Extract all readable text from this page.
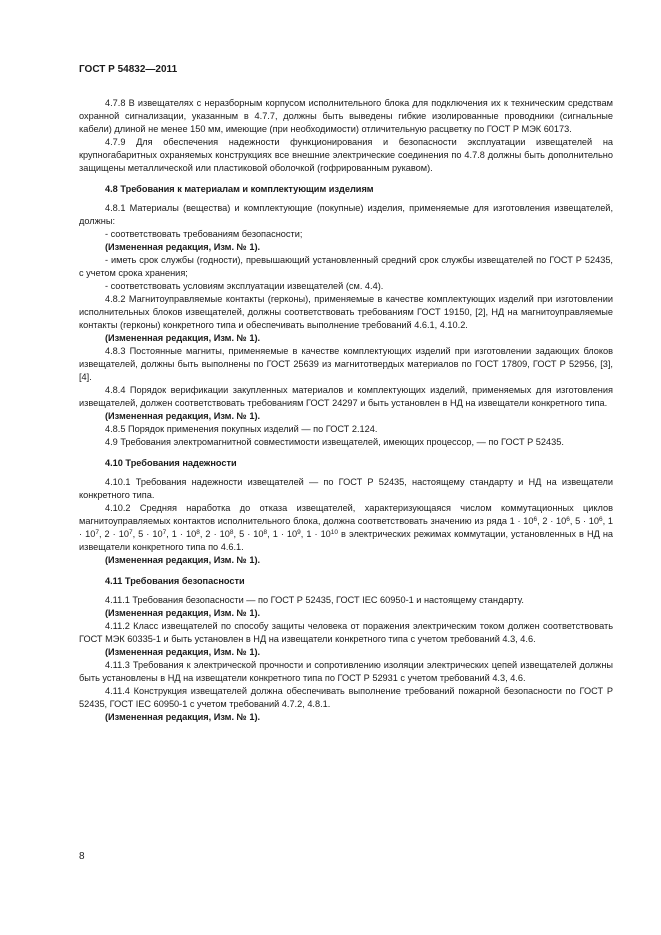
ГОСТ Р 54832—2011

4.7.8 В извещателях с неразборным корпусом исполнительного блока для подключения их к техническим средствам охранной сигнализации, указанным в 4.7.7, должны быть выведены гибкие изолированные проводники (сигнальные кабели) длиной не менее 150 мм, имеющие (при необходимости) отличительную расцветку по ГОСТ Р МЭК 60173.

4.7.9 Для обеспечения надежности функционирования и безопасности эксплуатации извещателей на крупногабаритных охраняемых конструкциях все внешние электрические соединения по 4.7.8 должны быть дополнительно защищены металлической или пластиковой оболочкой (гофрированным рукавом).

4.8 Требования к материалам и комплектующим изделиям

4.8.1 Материалы (вещества) и комплектующие (покупные) изделия, применяемые для изготовления извещателей, должны:

- соответствовать требованиям безопасности;

(Измененная редакция, Изм. № 1).

- иметь срок службы (годности), превышающий установленный средний срок службы извещателей по ГОСТ Р 52435, с учетом срока хранения;

- соответствовать условиям эксплуатации извещателей (см. 4.4).

4.8.2 Магнитоуправляемые контакты (герконы), применяемые в качестве комплектующих изделий при изготовлении исполнительных блоков извещателей, должны соответствовать требованиям ГОСТ 19150, [2], НД на магнитоуправляемые контакты (герконы) конкретного типа и обеспечивать выполнение требований 4.6.1, 4.10.2.

(Измененная редакция, Изм. № 1).

4.8.3 Постоянные магниты, применяемые в качестве комплектующих изделий при изготовлении задающих блоков извещателей, должны быть выполнены по ГОСТ 25639 из магнитотвердых материалов по ГОСТ 17809, ГОСТ Р 52956, [3], [4].

4.8.4 Порядок верификации закупленных материалов и комплектующих изделий, применяемых для изготовления извещателей, должен соответствовать требованиям ГОСТ 24297 и быть установлен в НД на извещатели конкретного типа.

(Измененная редакция, Изм. № 1).

4.8.5 Порядок применения покупных изделий — по ГОСТ 2.124.

4.9 Требования электромагнитной совместимости извещателей, имеющих процессор, — по ГОСТ Р 52435.

4.10 Требования надежности

4.10.1 Требования надежности извещателей — по ГОСТ Р 52435, настоящему стандарту и НД на извещатели конкретного типа.

4.10.2 Средняя наработка до отказа извещателей, характеризующаяся числом коммутационных циклов магнитоуправляемых контактов исполнительного блока, должна соответствовать значению из ряда $1 \cdot 10^6$, $2 \cdot 10^6$, $5 \cdot 10^6$, $1 \cdot 10^7$, $2 \cdot 10^7$, $5 \cdot 10^7$, $1 \cdot 10^8$, $2 \cdot 10^8$, $5 \cdot 10^8$, $1 \cdot 10^9$, $1 \cdot 10^{10}$ в электрических режимах коммутации, установленных в НД на извещатели конкретного типа по 4.6.1.

(Измененная редакция, Изм. № 1).

4.11 Требования безопасности

4.11.1 Требования безопасности — по ГОСТ Р 52435, ГОСТ IEC 60950-1 и настоящему стандарту.

(Измененная редакция, Изм. № 1).

4.11.2 Класс извещателей по способу защиты человека от поражения электрическим током должен соответствовать ГОСТ МЭК 60335-1 и быть установлен в НД на извещатели конкретного типа с учетом требований 4.3, 4.6.

(Измененная редакция, Изм. № 1).

4.11.3 Требования к электрической прочности и сопротивлению изоляции электрических цепей извещателей должны быть установлены в НД на извещатели конкретного типа по ГОСТ Р 52931 с учетом требований 4.3, 4.6.

4.11.4 Конструкция извещателей должна обеспечивать выполнение требований пожарной безопасности по ГОСТ Р 52435, ГОСТ IEC 60950-1 с учетом требований 4.7.2, 4.8.1.

(Измененная редакция, Изм. № 1).

8
